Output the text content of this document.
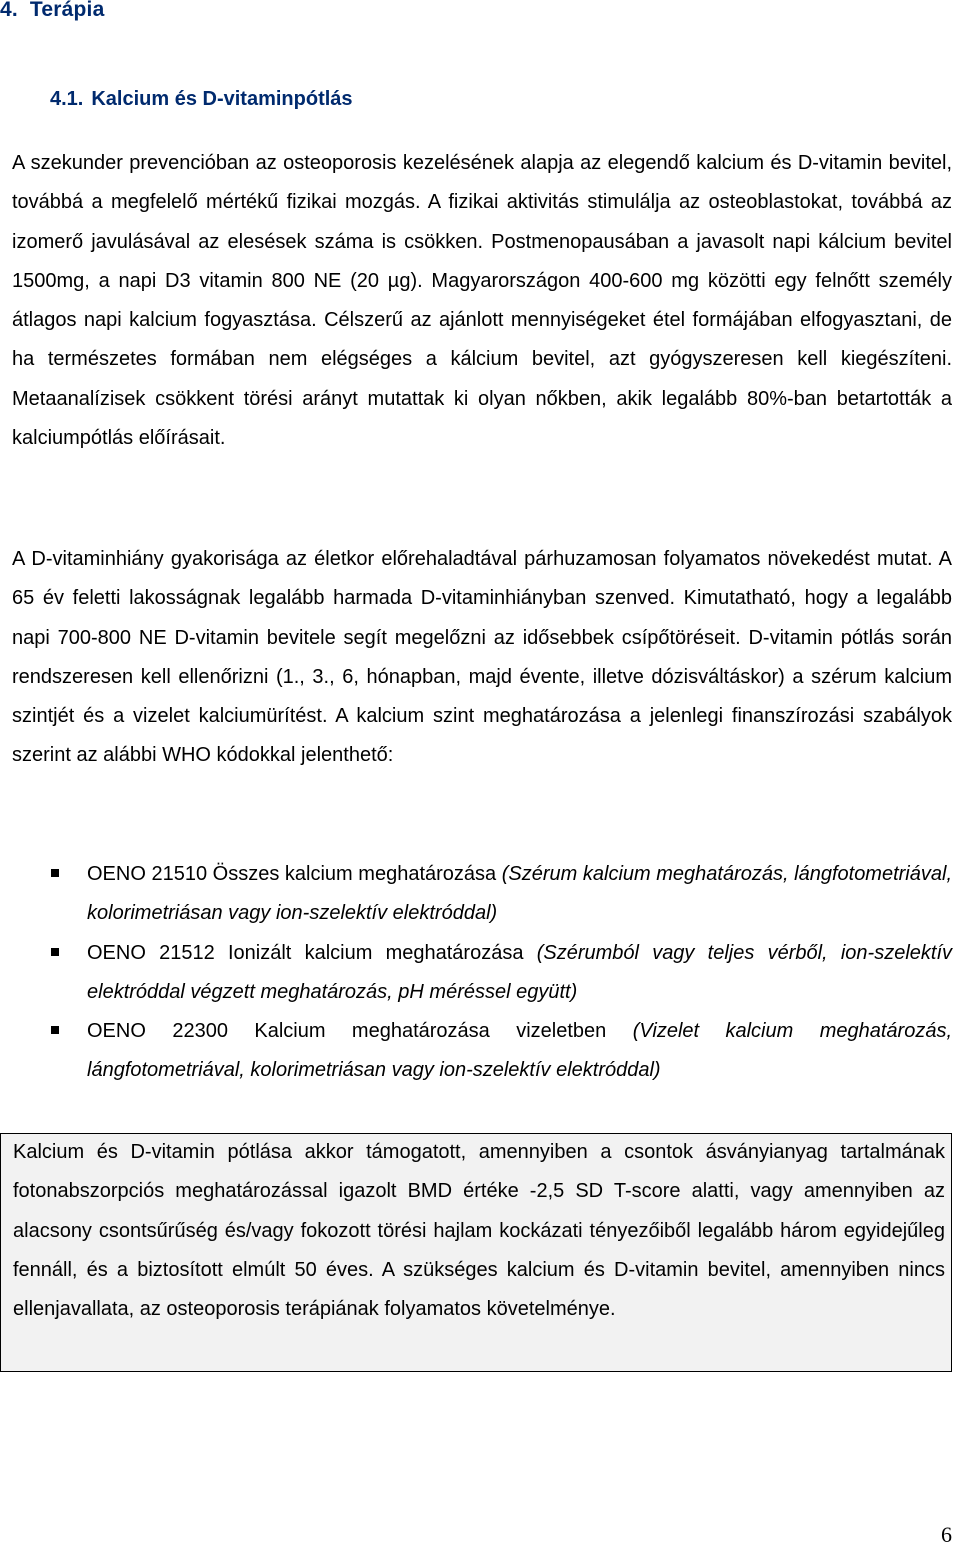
4. Terápia
4.1. Kalcium és D-vitaminpótlás

A szekunder prevencióban az osteoporosis kezelésének alapja az elegendő kalcium és D-vitamin bevitel, továbbá a megfelelő mértékű fizikai mozgás. A fizikai aktivitás stimulálja az osteoblastokat, továbbá az izomerő javulásával az elesések száma is csökken. Postmenopausában a javasolt napi kálcium bevitel 1500mg, a napi D3 vitamin 800 NE (20 µg). Magyarországon 400-600 mg közötti egy felnőtt személy átlagos napi kalcium fogyasztása. Célszerű az ajánlott mennyiségeket étel formájában elfogyasztani, de ha természetes formában nem elégséges a kálcium bevitel, azt gyógyszeresen kell kiegészíteni. Metaanalízisek csökkent törési arányt mutattak ki olyan nőkben, akik legalább 80%-ban betartották a kalciumpótlás előírásait.

A D-vitaminhiány gyakorisága az életkor előrehaladtával párhuzamosan folyamatos növekedést mutat. A 65 év feletti lakosságnak legalább harmada D-vitaminhiányban szenved. Kimutatható, hogy a legalább napi 700-800 NE D-vitamin bevitele segít megelőzni az idősebbek csípőtöréseit. D-vitamin pótlás során rendszeresen kell ellenőrizni (1., 3., 6, hónapban, majd évente, illetve dózisváltáskor) a szérum kalcium szintjét és a vizelet kalciumürítést. A kalcium szint meghatározása a jelenlegi finanszírozási szabályok szerint az alábbi WHO kódokkal jelenthető:

OENO 21510 Összes kalcium meghatározása (Szérum kalcium meghatározás, lángfotometriával, kolorimetriásan vagy ion-szelektív elektróddal)
OENO 21512 Ionizált kalcium meghatározása (Szérumból vagy teljes vérből, ion-szelektív elektróddal végzett meghatározás, pH méréssel együtt)
OENO 22300 Kalcium meghatározása vizeletben (Vizelet kalcium meghatározás, lángfotometriával, kolorimetriásan vagy ion-szelektív elektróddal)

Kalcium és D-vitamin pótlása akkor támogatott, amennyiben a csontok ásványianyag tartalmának fotonabszorpciós meghatározással igazolt BMD értéke -2,5 SD T-score alatti, vagy amennyiben az alacsony csontsűrűség és/vagy fokozott törési hajlam kockázati tényezőiből legalább három egyidejűleg fennáll, és a biztosított elmúlt 50 éves. A szükséges kalcium és D-vitamin bevitel, amennyiben nincs ellenjavallata, az osteoporosis terápiának folyamatos követelménye.

6
